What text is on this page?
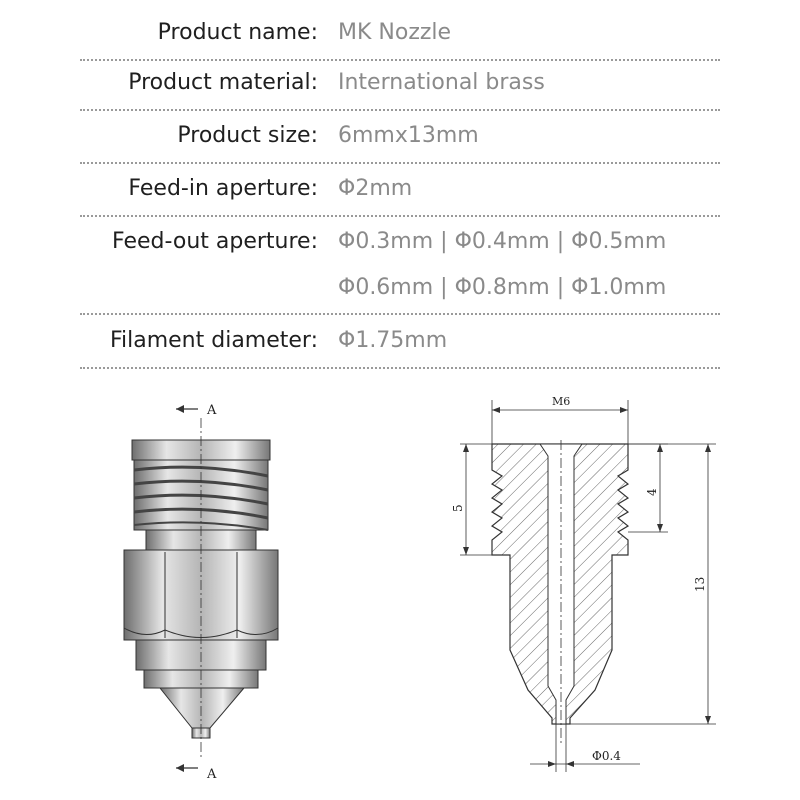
Product name: MK Nozzle
Product material: International brass
Product size: 6mmx13mm
Feed-in aperture: Φ2mm
Feed-out aperture: Φ0.3mm | Φ0.4mm | Φ0.5mm
Φ0.6mm | Φ0.8mm | Φ1.0mm
Filament diameter: Φ1.75mm
A
A
M6
5
4
13
Φ0.4
